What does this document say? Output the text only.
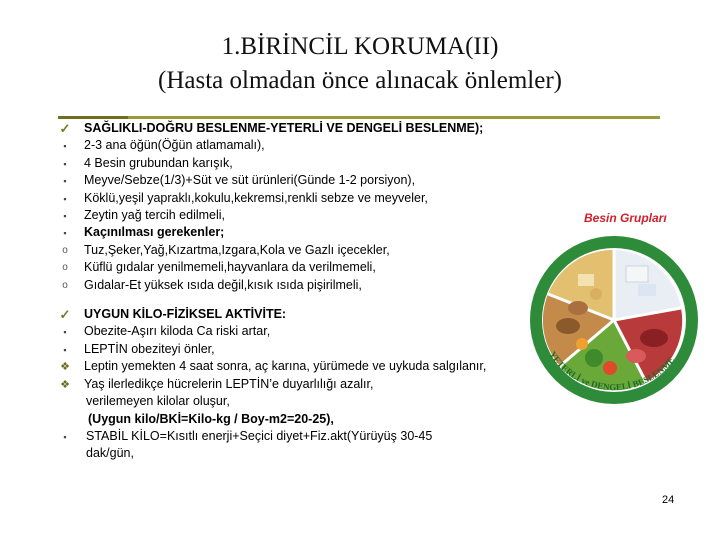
1.BİRİNCİL KORUMA(II)
(Hasta olmadan önce alınacak önlemler)
✓ SAĞLIKLI-DOĞRU BESLENME-YETERLİ VE DENGELİ BESLENME);
▪	2-3 ana öğün(Öğün atlamamalı),
▪	4 Besin grubundan karışık,
▪	Meyve/Sebze(1/3)+Süt ve süt ürünleri(Günde 1-2 porsiyon),
▪	Köklü,yeşil yapraklı,kokulu,kekremsi,renkli sebze ve meyveler,
▪	Zeytin yağ tercih edilmeli,
▪	Kaçınılması gerekenler;
o	Tuz,Şeker,Yağ,Kızartma,Izgara,Kola ve Gazlı içecekler,
o	Küflü gıdalar yenilmemeli,hayvanlara da verilmemeli,
o	Gıdalar-Et yüksek ısıda değil,kısık ısıda pişirilmeli,
✓ UYGUN KİLO-FİZİKSEL AKTİVİTE:
▪	Obezite-Aşırı kiloda Ca riski artar,
▪	LEPTİN obeziteyi önler,
❖ Leptin yemekten 4 saat sonra, aç karına, yürümede ve uykuda salgılanır,
❖ Yaş ilerledikçe hücrelerin LEPTİN’e duyarlılığı azalır,
verilemeyen kilolar oluşur,
(Uygun kilo/BKİ=Kilo-kg / Boy-m2=20-25),
▪	STABİL KİLO=Kısıtlı enerji+Seçici diyet+Fiz.akt(Yürüyüş 30-45 dak/gün,
Besin Grupları
YETERLİ ve DENGELİ BESLENME
24
